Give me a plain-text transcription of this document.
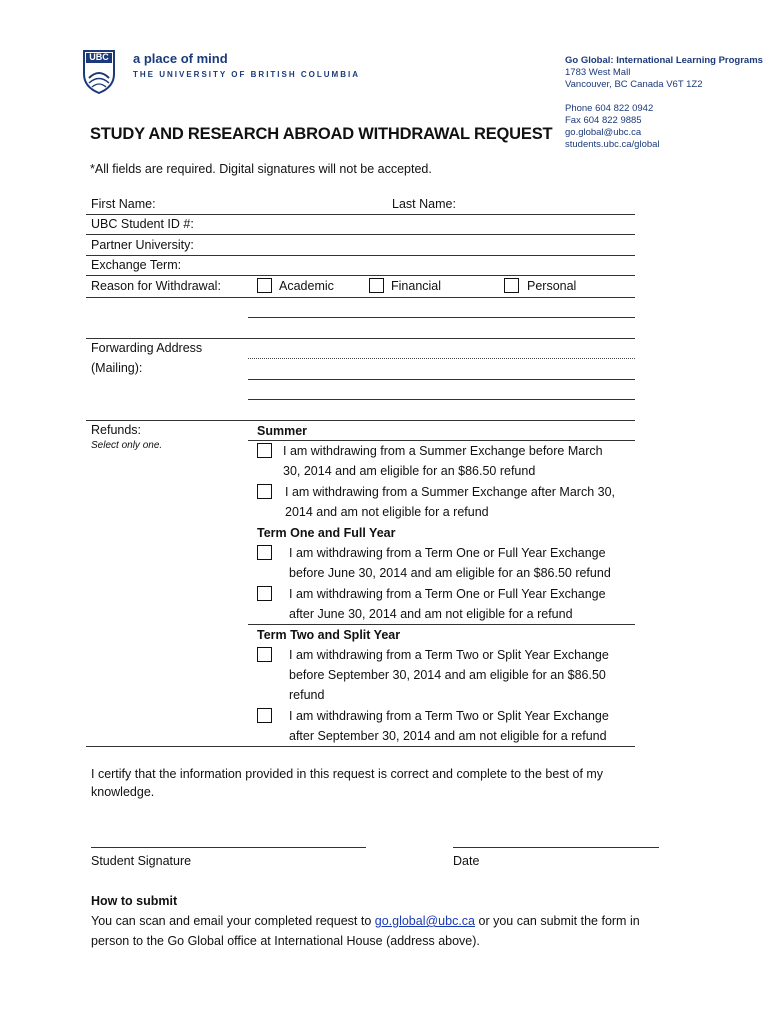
UBC a place of mind
THE UNIVERSITY OF BRITISH COLUMBIA
Go Global: International Learning Programs
1783 West Mall
Vancouver, BC Canada V6T 1Z2
Phone 604 822 0942
Fax 604 822 9885
go.global@ubc.ca
students.ubc.ca/global
STUDY AND RESEARCH ABROAD WITHDRAWAL REQUEST
*All fields are required. Digital signatures will not be accepted.
First Name:	Last Name:
UBC Student ID #:
Partner University:
Exchange Term:
Reason for Withdrawal:	Academic	Financial	Personal
Forwarding Address
(Mailing):
Refunds:
Select only one.
Summer
I am withdrawing from a Summer Exchange before March
30, 2014 and am eligible for an $86.50 refund
I am withdrawing from a Summer Exchange after March 30,
2014 and am not eligible for a refund
Term One and Full Year
I am withdrawing from a Term One or Full Year Exchange
before June 30, 2014 and am eligible for an $86.50 refund
I am withdrawing from a Term One or Full Year Exchange
after June 30, 2014 and am not eligible for a refund
Term Two and Split Year
I am withdrawing from a Term Two or Split Year Exchange
before September 30, 2014 and am eligible for an $86.50
refund
I am withdrawing from a Term Two or Split Year Exchange
after September 30, 2014 and am not eligible for a refund
I certify that the information provided in this request is correct and complete to the best of my
knowledge.
Student Signature	Date
How to submit
You can scan and email your completed request to go.global@ubc.ca or you can submit the form in
person to the Go Global office at International House (address above).
